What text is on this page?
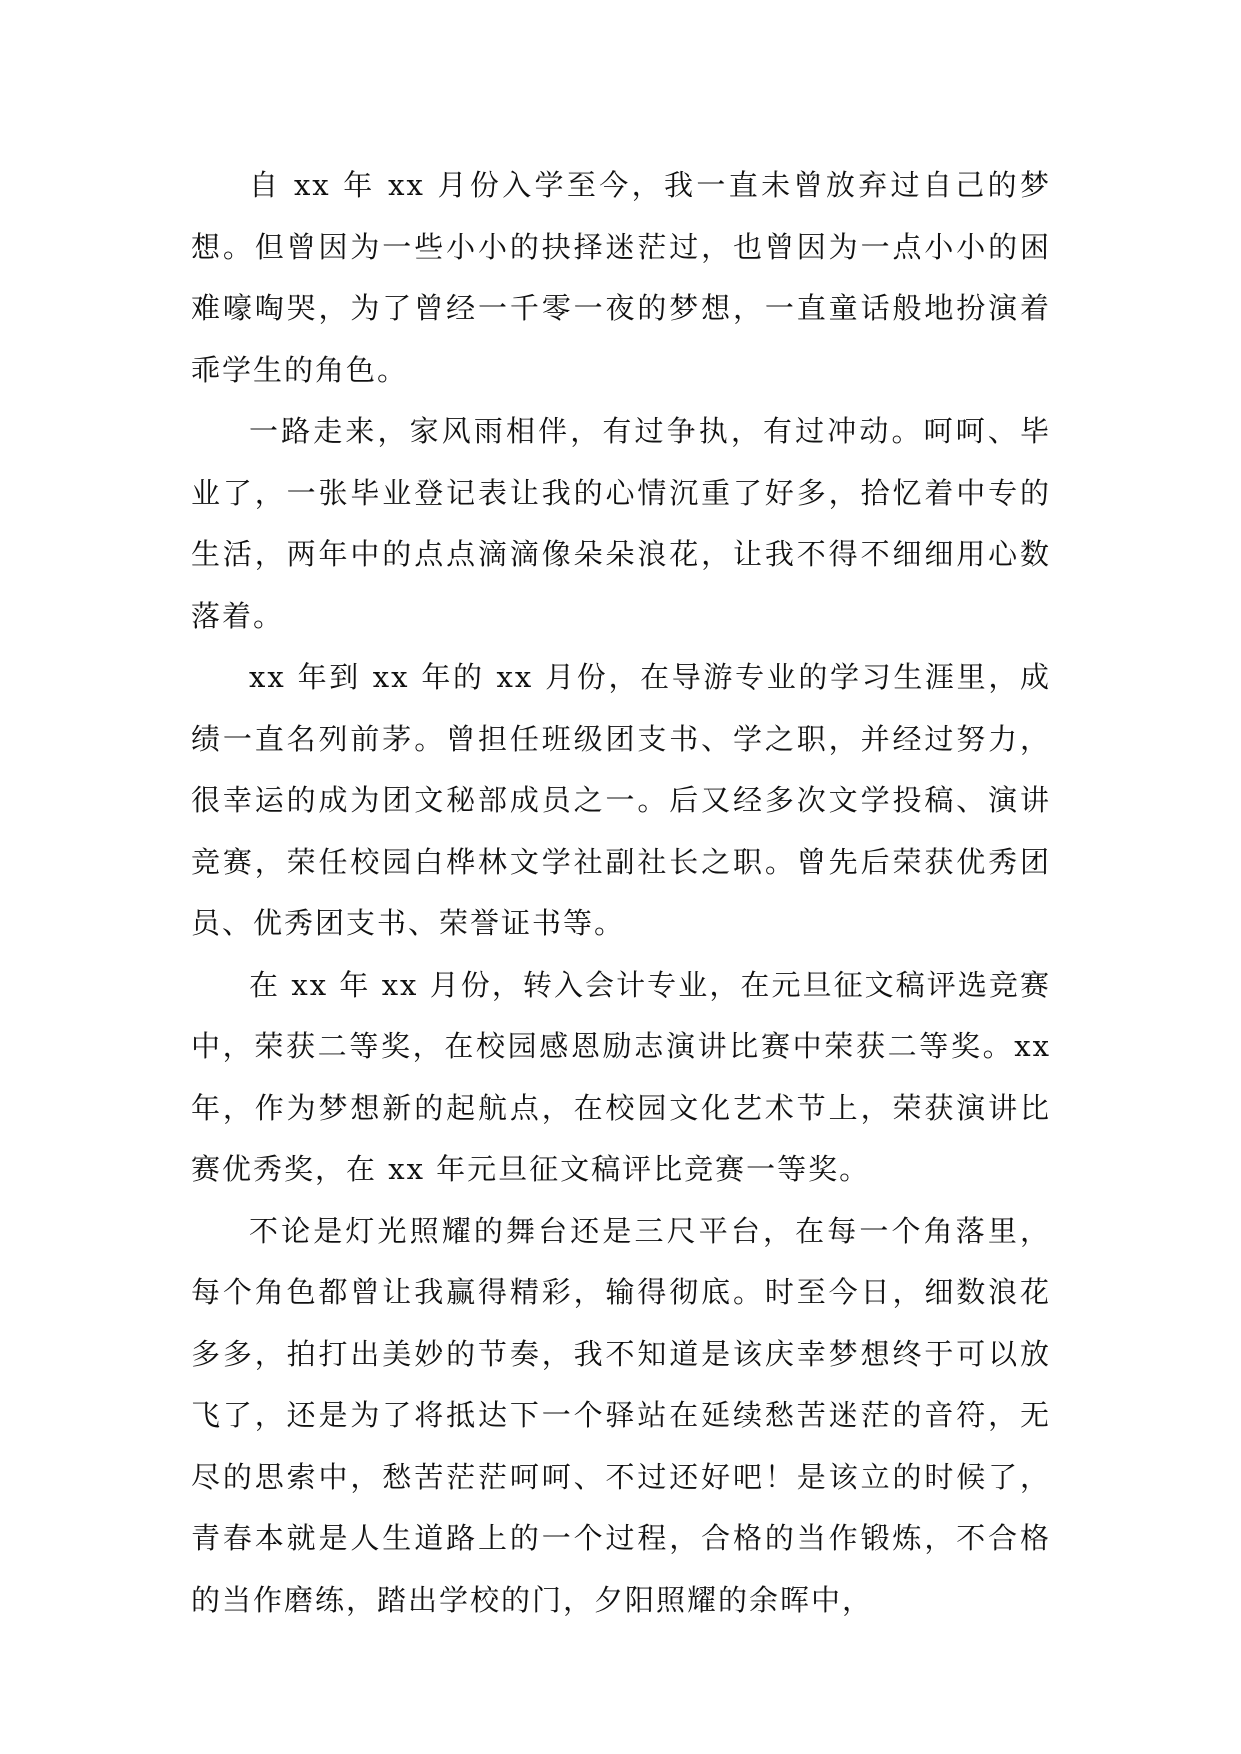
自 xx 年 xx 月份入学至今，我一直未曾放弃过自己的梦想。但曾因为一些小小的抉择迷茫过，也曾因为一点小小的困难嚎啕哭，为了曾经一千零一夜的梦想，一直童话般地扮演着乖学生的角色。

一路走来，家风雨相伴，有过争执，有过冲动。呵呵、毕业了，一张毕业登记表让我的心情沉重了好多，拾忆着中专的生活，两年中的点点滴滴像朵朵浪花，让我不得不细细用心数落着。

xx 年到 xx 年的 xx 月份，在导游专业的学习生涯里，成绩一直名列前茅。曾担任班级团支书、学之职，并经过努力，很幸运的成为团文秘部成员之一。后又经多次文学投稿、演讲竞赛，荣任校园白桦林文学社副社长之职。曾先后荣获优秀团员、优秀团支书、荣誉证书等。

在 xx 年 xx 月份，转入会计专业，在元旦征文稿评选竞赛中，荣获二等奖，在校园感恩励志演讲比赛中荣获二等奖。xx 年，作为梦想新的起航点，在校园文化艺术节上，荣获演讲比赛优秀奖，在 xx 年元旦征文稿评比竞赛一等奖。

不论是灯光照耀的舞台还是三尺平台，在每一个角落里，每个角色都曾让我赢得精彩，输得彻底。时至今日，细数浪花多多，拍打出美妙的节奏，我不知道是该庆幸梦想终于可以放飞了，还是为了将抵达下一个驿站在延续愁苦迷茫的音符，无尽的思索中，愁苦茫茫呵呵、不过还好吧！是该立的时候了，青春本就是人生道路上的一个过程，合格的当作锻炼，不合格的当作磨练，踏出学校的门，夕阳照耀的余晖中，
